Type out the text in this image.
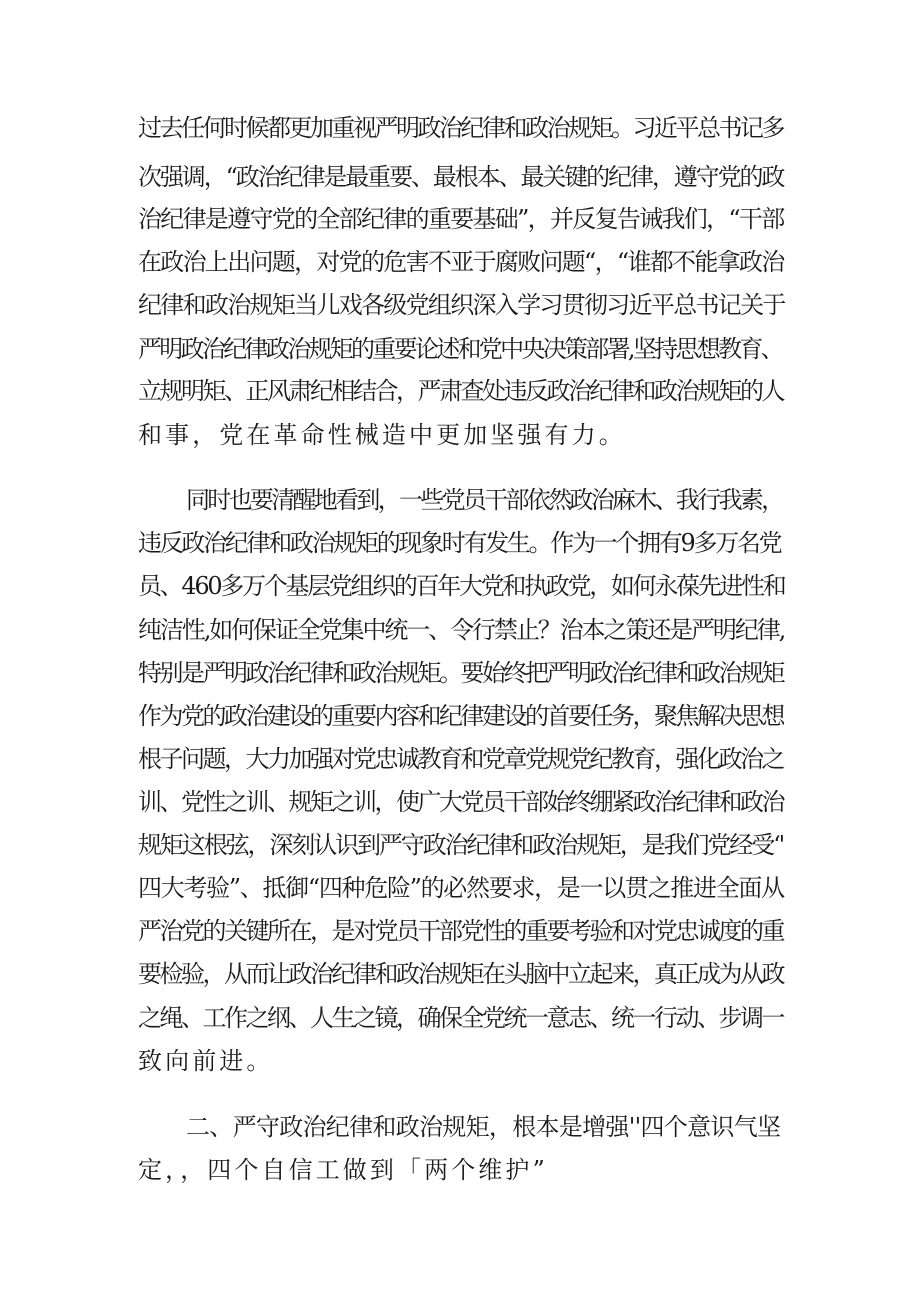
过去任何时候都更加重视严明政治纪律和政治规矩。习近平总书记多
次强调，“政治纪律是最重要、最根本、最关键的纪律，遵守党的政
治纪律是遵守党的全部纪律的重要基础”，并反复告诫我们，“干部
在政治上出问题，对党的危害不亚于腐败问题“，“谁都不能拿政治
纪律和政治规矩当儿戏各级党组织深入学习贯彻习近平总书记关于
严明政治纪律政治规矩的重要论述和党中央决策部署,坚持思想教育、
立规明矩、正风肃纪相结合，严肃查处违反政治纪律和政治规矩的人
和事，党在革命性械造中更加坚强有力。
同时也要清醒地看到，一些党员干部依然政治麻木、我行我素，
违反政治纪律和政治规矩的现象时有发生。作为一个拥有9多万名党
员、460多万个基层党组织的百年大党和执政党，如何永葆先进性和
纯洁性,如何保证全党集中统一、令行禁止？治本之策还是严明纪律,
特别是严明政治纪律和政治规矩。要始终把严明政治纪律和政治规矩
作为党的政治建设的重要内容和纪律建设的首要任务，聚焦解决思想
根子问题，大力加强对党忠诚教育和党章党规党纪教育，强化政治之
训、党性之训、规矩之训，使广大党员干部始终绷紧政治纪律和政治
规矩这根弦，深刻认识到严守政治纪律和政治规矩，是我们党经受‘'
四大考验”、抵御“四种危险”的必然要求，是一以贯之推进全面从
严治党的关键所在，是对党员干部党性的重要考验和对党忠诚度的重
要检验，从而让政治纪律和政治规矩在头脑中立起来，真正成为从政
之绳、工作之纲、人生之镜，确保全党统一意志、统一行动、步调一
致向前进。
二、严守政治纪律和政治规矩，根本是增强''四个意识气坚
定，，四个自信工做到「两个维护”
